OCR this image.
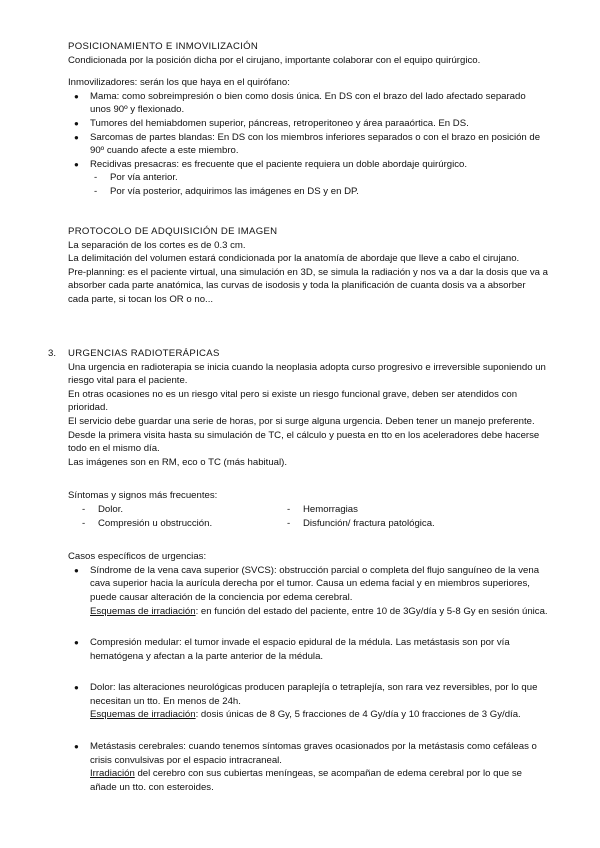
POSICIONAMIENTO E INMOVILIZACIÓN

Condicionada por la posición dicha por el cirujano, importante colaborar con el equipo quirúrgico.

Inmovilizadores: serán los que haya en el quirófano:

● Mama: como sobreimpresión o bien como dosis única. En DS con el brazo del lado afectado separado unos 90º y flexionado.
● Tumores del hemiabdomen superior, páncreas, retroperitoneo y área paraaórtica. En DS.
● Sarcomas de partes blandas: En DS con los miembros inferiores separados o con el brazo en posición de 90º cuando afecte a este miembro.
● Recidivas presacras: es frecuente que el paciente requiera un doble abordaje quirúrgico.
- Por vía anterior.
- Por vía posterior, adquirimos las imágenes en DS y en DP.

PROTOCOLO DE ADQUISICIÓN DE IMAGEN

La separación de los cortes es de 0.3 cm.

La delimitación del volumen estará condicionada por la anatomía de abordaje que lleve a cabo el cirujano.

Pre-planning: es el paciente virtual, una simulación en 3D, se simula la radiación y nos va a dar la dosis que va a absorber cada parte anatómica, las curvas de isodosis y toda la planificación de cuanta dosis va a absorber cada parte, si tocan los OR o no...

3. URGENCIAS RADIOTERÁPICAS

Una urgencia en radioterapia se inicia cuando la neoplasia adopta curso progresivo e irreversible suponiendo un riesgo vital para el paciente.

En otras ocasiones no es un riesgo vital pero si existe un riesgo funcional grave, deben ser atendidos con prioridad.

El servicio debe guardar una serie de horas, por si surge alguna urgencia. Deben tener un manejo preferente. Desde la primera visita hasta su simulación de TC, el cálculo y puesta en tto en los aceleradores debe hacerse todo en el mismo día.

Las imágenes son en RM, eco o TC (más habitual).

Síntomas y signos más frecuentes:

- Dolor.
- Compresión u obstrucción.
- Hemorragias
- Disfunción/ fractura patológica.

Casos específicos de urgencias:

● Síndrome de la vena cava superior (SVCS): obstrucción parcial o completa del flujo sanguíneo de la vena cava superior hacia la aurícula derecha por el tumor. Causa un edema facial y en miembros superiores, puede causar alteración de la conciencia por edema cerebral.
Esquemas de irradiación: en función del estado del paciente, entre 10 de 3Gy/día y 5-8 Gy en sesión única.
● Compresión medular: el tumor invade el espacio epidural de la médula. Las metástasis son por vía hematógena y afectan a la parte anterior de la médula.
● Dolor: las alteraciones neurológicas producen paraplejía o tetraplejía, son rara vez reversibles, por lo que necesitan un tto. En menos de 24h.
Esquemas de irradiación: dosis únicas de 8 Gy, 5 fracciones de 4 Gy/día y 10 fracciones de 3 Gy/día.
● Metástasis cerebrales: cuando tenemos síntomas graves ocasionados por la metástasis como cefáleas o crisis convulsivas por el espacio intracraneal.
Irradiación del cerebro con sus cubiertas meníngeas, se acompañan de edema cerebral por lo que se añade un tto. con esteroides.
